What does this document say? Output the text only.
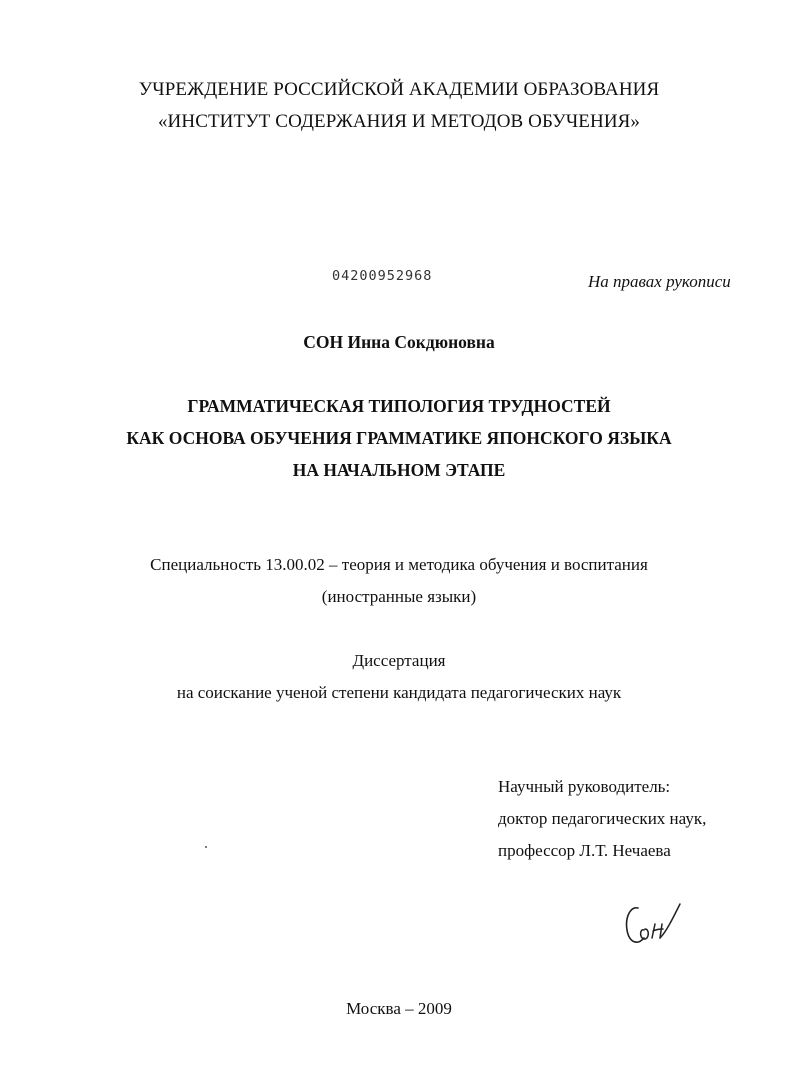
УЧРЕЖДЕНИЕ РОССИЙСКОЙ АКАДЕМИИ ОБРАЗОВАНИЯ
«ИНСТИТУТ СОДЕРЖАНИЯ И МЕТОДОВ ОБУЧЕНИЯ»
04200952968	На правах рукописи
СОН Инна Сокдюновна
ГРАММАТИЧЕСКАЯ ТИПОЛОГИЯ ТРУДНОСТЕЙ
КАК ОСНОВА ОБУЧЕНИЯ ГРАММАТИКЕ ЯПОНСКОГО ЯЗЫКА
НА НАЧАЛЬНОМ ЭТАПЕ
Специальность 13.00.02 – теория и методика обучения и воспитания
(иностранные языки)
Диссертация
на соискание ученой степени кандидата педагогических наук
Научный руководитель:
доктор педагогических наук,
профессор Л.Т. Нечаева
Москва – 2009
